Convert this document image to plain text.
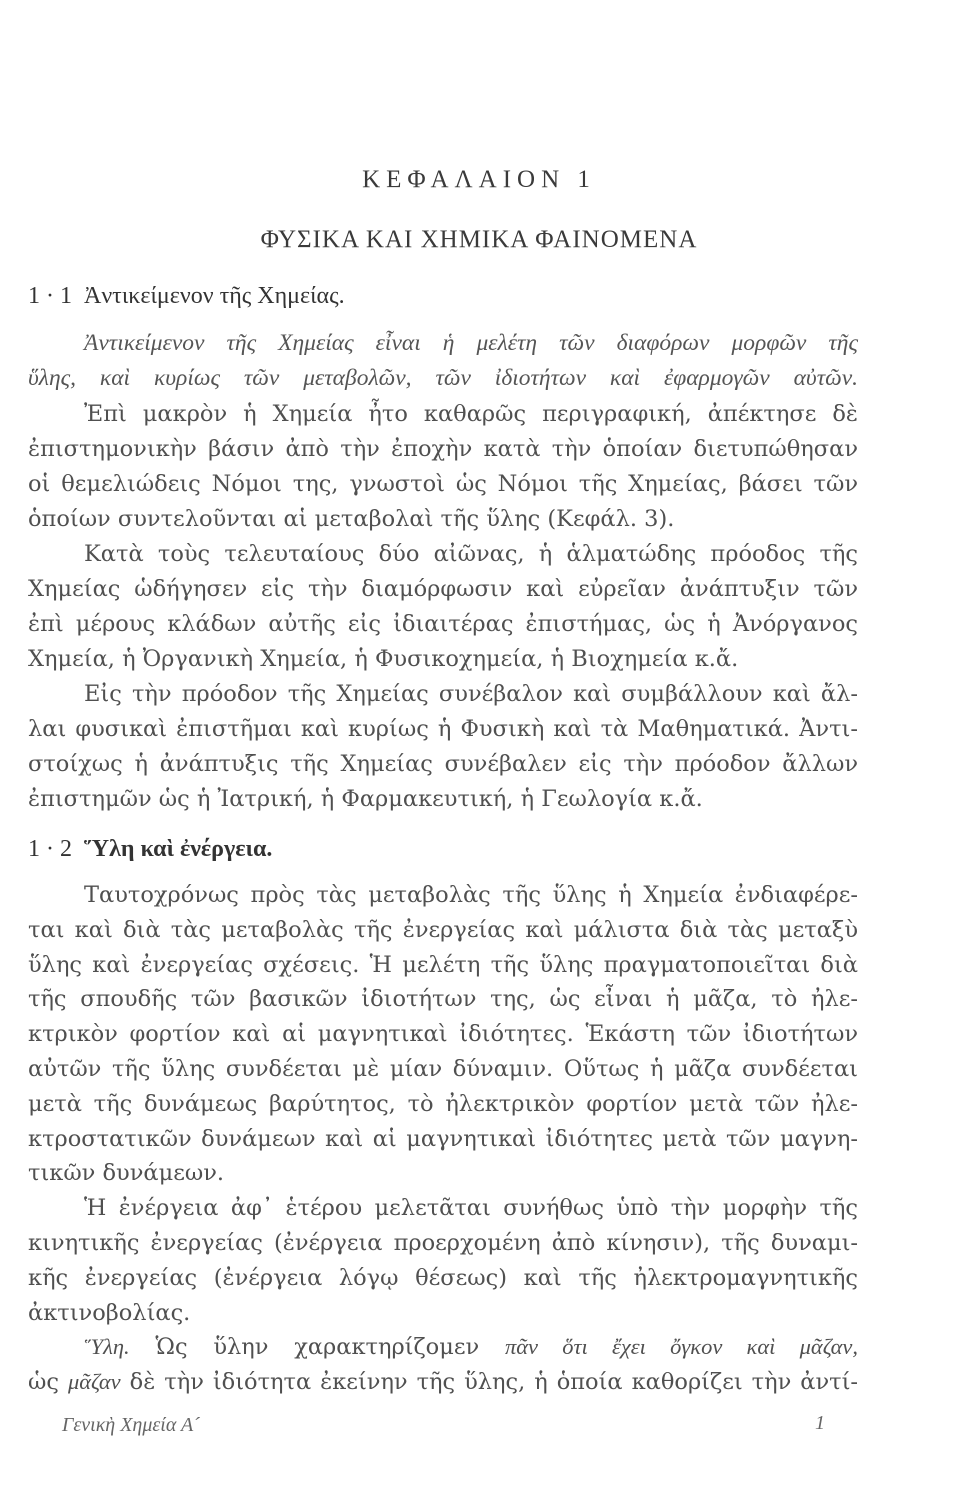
ΚΕΦΑΛΑΙΟΝ 1
ΦΥΣΙΚΑ ΚΑΙ ΧΗΜΙΚΑ ΦΑΙΝΟΜΕΝΑ
1 · 1 Ἀντικείμενον τῆς Χημείας.
Ἀντικείμενον τῆς Χημείας εἶναι ἡ μελέτη τῶν διαφόρων μορφῶν τῆς
ὕλης, καὶ κυρίως τῶν μεταβολῶν, τῶν ἰδιοτήτων καὶ ἐφαρμογῶν αὐτῶν.
Ἐπὶ μακρὸν ἡ Χημεία ἦτο καθαρῶς περιγραφική, ἀπέκτησε δὲ
ἐπιστημονικὴν βάσιν ἀπὸ τὴν ἐποχὴν κατὰ τὴν ὁποίαν διετυπώθησαν
οἱ θεμελιώδεις Νόμοι της, γνωστοὶ ὡς Νόμοι τῆς Χημείας, βάσει τῶν
ὁποίων συντελοῦνται αἱ μεταβολαὶ τῆς ὕλης (Κεφάλ. 3).
Κατὰ τοὺς τελευταίους δύο αἰῶνας, ἡ ἁλματώδης πρόοδος τῆς
Χημείας ὡδήγησεν εἰς τὴν διαμόρφωσιν καὶ εὐρεῖαν ἀνάπτυξιν τῶν
ἐπὶ μέρους κλάδων αὐτῆς εἰς ἰδιαιτέρας ἐπιστήμας, ὡς ἡ Ἀνόργανος
Χημεία, ἡ Ὀργανικὴ Χημεία, ἡ Φυσικοχημεία, ἡ Βιοχημεία κ.ἄ.
Εἰς τὴν πρόοδον τῆς Χημείας συνέβαλον καὶ συμβάλλουν καὶ ἄλ-
λαι φυσικαὶ ἐπιστῆμαι καὶ κυρίως ἡ Φυσικὴ καὶ τὰ Μαθηματικά. Ἀντι-
στοίχως ἡ ἀνάπτυξις τῆς Χημείας συνέβαλεν εἰς τὴν πρόοδον ἄλλων
ἐπιστημῶν ὡς ἡ Ἰατρική, ἡ Φαρμακευτική, ἡ Γεωλογία κ.ἄ.
1 · 2 Ὕλη καὶ ἐνέργεια.
Ταυτοχρόνως πρὸς τὰς μεταβολὰς τῆς ὕλης ἡ Χημεία ἐνδιαφέρε-
ται καὶ διὰ τὰς μεταβολὰς τῆς ἐνεργείας καὶ μάλιστα διὰ τὰς μεταξὺ
ὕλης καὶ ἐνεργείας σχέσεις. Ἡ μελέτη τῆς ὕλης πραγματοποιεῖται διὰ
τῆς σπουδῆς τῶν βασικῶν ἰδιοτήτων της, ὡς εἶναι ἡ μᾶζα, τὸ ἠλε-
κτρικὸν φορτίον καὶ αἱ μαγνητικαὶ ἰδιότητες. Ἑκάστη τῶν ἰδιοτήτων
αὐτῶν τῆς ὕλης συνδέεται μὲ μίαν δύναμιν. Οὕτως ἡ μᾶζα συνδέεται
μετὰ τῆς δυνάμεως βαρύτητος, τὸ ἠλεκτρικὸν φορτίον μετὰ τῶν ἠλε-
κτροστατικῶν δυνάμεων καὶ αἱ μαγνητικαὶ ἰδιότητες μετὰ τῶν μαγνη-
τικῶν δυνάμεων.
Ἡ ἐνέργεια ἀφ᾽ ἑτέρου μελετᾶται συνήθως ὑπὸ τὴν μορφὴν τῆς
κινητικῆς ἐνεργείας (ἐνέργεια προερχομένη ἀπὸ κίνησιν), τῆς δυναμι-
κῆς ἐνεργείας (ἐνέργεια λόγῳ θέσεως) καὶ τῆς ἠλεκτρομαγνητικῆς
ἀκτινοβολίας.
Ὕλη. Ὡς ὕλην χαρακτηρίζομεν πᾶν ὅτι ἔχει ὄγκον καὶ μᾶζαν,
ὡς μᾶζαν δὲ τὴν ἰδιότητα ἐκείνην τῆς ὕλης, ἡ ὁποία καθορίζει τὴν ἀντί-
Γενικὴ Χημεία Α´	1
